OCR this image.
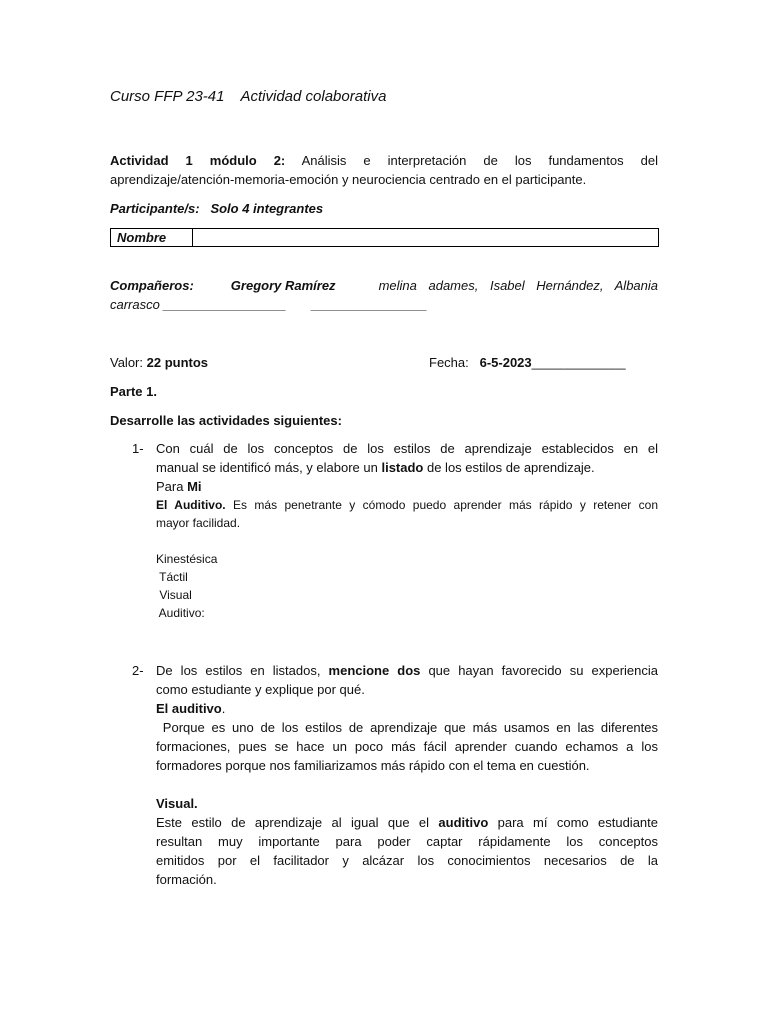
Curso FFP 23-41 Actividad colaborativa
Actividad 1 módulo 2: Análisis e interpretación de los fundamentos del
aprendizaje/atención-memoria-emoción y neurociencia centrado en el participante.
Participante/s: Solo 4 integrantes
Nombre
Compañeros:	Gregory Ramírez	melina adames, Isabel Hernández, Albania
carrasco _________________       ________________
Valor: 22 puntos	Fecha: 6-5-2023_____________
Parte 1.
Desarrolle las actividades siguientes:
1- Con cuál de los conceptos de los estilos de aprendizaje establecidos en el
manual se identificó más, y elabore un listado de los estilos de aprendizaje.
Para Mi
El Auditivo. Es más penetrante y cómodo puedo aprender más rápido y retener con
mayor facilidad.
Kinestésica
Táctil
Visual
Auditivo:
2- De los estilos en listados, mencione dos que hayan favorecido su experiencia
como estudiante y explique por qué.
El auditivo.
Porque es uno de los estilos de aprendizaje que más usamos en las diferentes
formaciones, pues se hace un poco más fácil aprender cuando echamos a los
formadores porque nos familiarizamos más rápido con el tema en cuestión.
Visual.
Este estilo de aprendizaje al igual que el auditivo para mí como estudiante
resultan muy importante para poder captar rápidamente los conceptos
emitidos por el facilitador y alcázar los conocimientos necesarios de la
formación.
